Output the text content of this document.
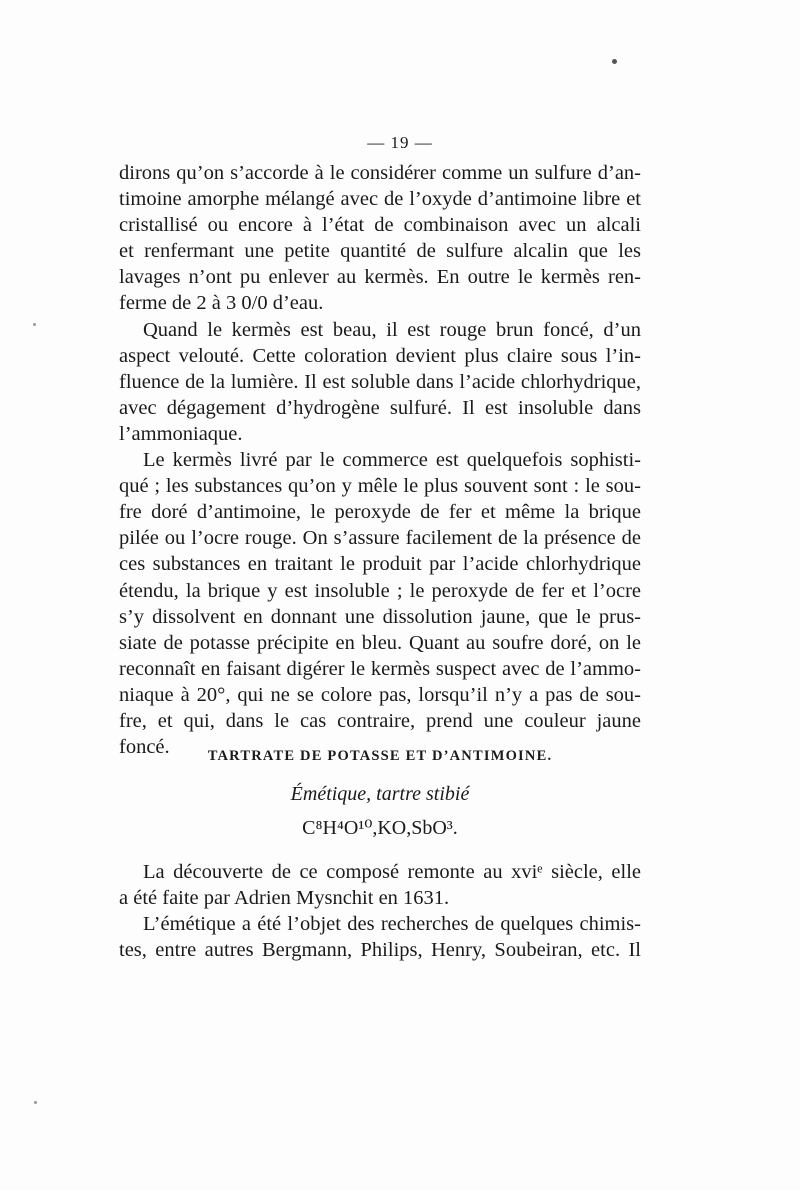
— 19 —

dirons qu’on s’accorde à le considérer comme un sulfure d’an-
timoine amorphe mélangé avec de l’oxyde d’antimoine libre et
cristallisé ou encore à l’état de combinaison avec un alcali
et renfermant une petite quantité de sulfure alcalin que les
lavages n’ont pu enlever au kermès. En outre le kermès ren-
ferme de 2 à 3 0/0 d’eau.

Quand le kermès est beau, il est rouge brun foncé, d’un
aspect velouté. Cette coloration devient plus claire sous l’in-
fluence de la lumière. Il est soluble dans l’acide chlorhydrique,
avec dégagement d’hydrogène sulfuré. Il est insoluble dans
l’ammoniaque.

Le kermès livré par le commerce est quelquefois sophisti-
qué ; les substances qu’on y mêle le plus souvent sont : le sou-
fre doré d’antimoine, le peroxyde de fer et même la brique
pilée ou l’ocre rouge. On s’assure facilement de la présence de
ces substances en traitant le produit par l’acide chlorhydrique
étendu, la brique y est insoluble ; le peroxyde de fer et l’ocre
s’y dissolvent en donnant une dissolution jaune, que le prus-
siate de potasse précipite en bleu. Quant au soufre doré, on le
reconnaît en faisant digérer le kermès suspect avec de l’ammo-
niaque à 20°, qui ne se colore pas, lorsqu’il n’y a pas de sou-
fre, et qui, dans le cas contraire, prend une couleur jaune
foncé.	TARTRATE DE POTASSE ET D’ANTIMOINE.
Émétique, tartre stibié
C⁸H⁴O¹⁰,KO,SbO³.

La découverte de ce composé remonte au xviᵉ siècle, elle
a été faite par Adrien Mysnchit en 1631.

L’émétique a été l’objet des recherches de quelques chimis-
tes, entre autres Bergmann, Philips, Henry, Soubeiran, etc. Il
